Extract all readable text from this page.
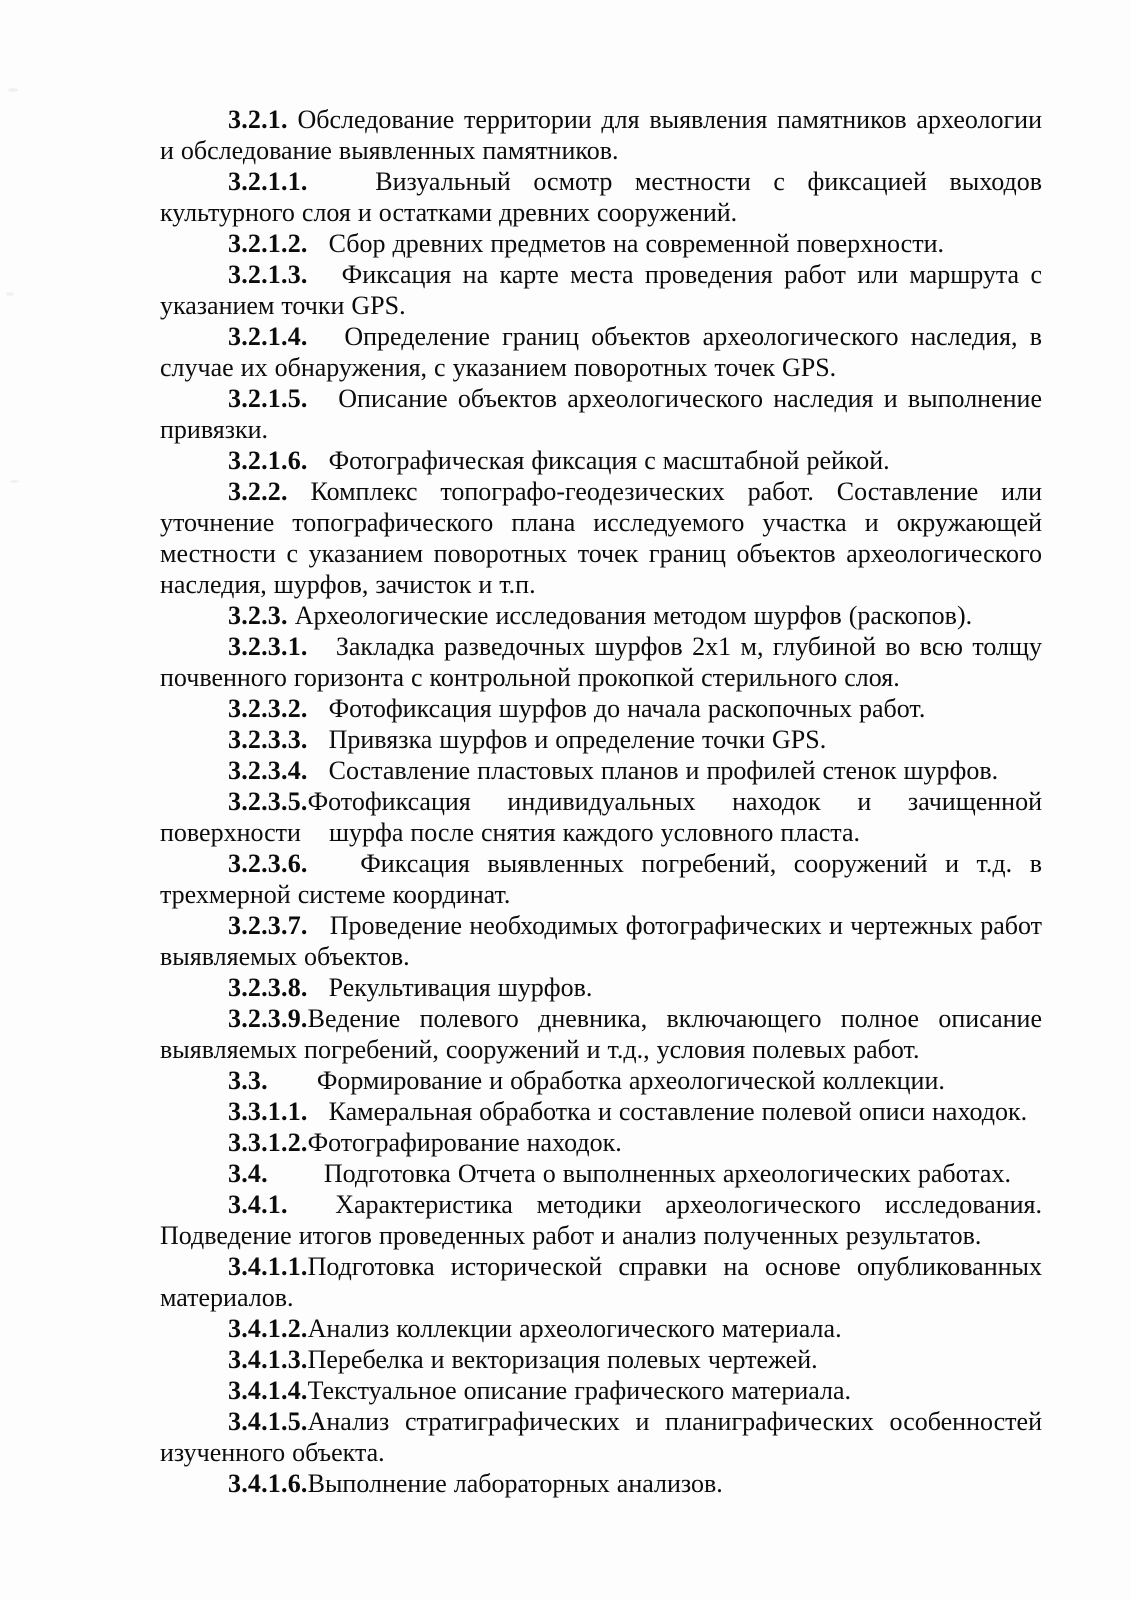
3.2.1. Обследование территории для выявления памятников археологии и обследование выявленных памятников.

3.2.1.1.   Визуальный осмотр местности с фиксацией выходов культурного слоя и остатками древних сооружений.

3.2.1.2.   Сбор древних предметов на современной поверхности.

3.2.1.3.   Фиксация на карте места проведения работ или маршрута с указанием точки GPS.

3.2.1.4.   Определение границ объектов археологического наследия, в случае их обнаружения, с указанием поворотных точек GPS.

3.2.1.5.   Описание объектов археологического наследия и выполнение привязки.

3.2.1.6.   Фотографическая фиксация с масштабной рейкой.

3.2.2. Комплекс топографо-геодезических работ. Составление или уточнение топографического плана исследуемого участка и окружающей местности с указанием поворотных точек границ объектов археологического наследия, шурфов, зачисток и т.п.

3.2.3. Археологические исследования методом шурфов (раскопов).

3.2.3.1.   Закладка разведочных шурфов 2х1 м, глубиной во всю толщу почвенного горизонта с контрольной прокопкой стерильного слоя.

3.2.3.2.   Фотофиксация шурфов до начала раскопочных работ.

3.2.3.3.   Привязка шурфов и определение точки GPS.

3.2.3.4.   Составление пластовых планов и профилей стенок шурфов.

3.2.3.5.Фотофиксация индивидуальных находок и зачищенной поверхности    шурфа после снятия каждого условного пласта.

3.2.3.6.   Фиксация выявленных погребений, сооружений и т.д. в трехмерной системе координат.

3.2.3.7.   Проведение необходимых фотографических и чертежных работ выявляемых объектов.

3.2.3.8.   Рекультивация шурфов.

3.2.3.9.Ведение полевого дневника, включающего полное описание выявляемых погребений, сооружений и т.д., условия полевых работ.

3.3.       Формирование и обработка археологической коллекции.

3.3.1.1.   Камеральная обработка и составление полевой описи находок.

3.3.1.2.Фотографирование находок.

3.4.        Подготовка Отчета о выполненных археологических работах.

3.4.1.  Характеристика методики археологического исследования. Подведение итогов проведенных работ и анализ полученных результатов.

3.4.1.1.Подготовка исторической справки на основе опубликованных материалов.

3.4.1.2.Анализ коллекции археологического материала.

3.4.1.3.Перебелка и векторизация полевых чертежей.

3.4.1.4.Текстуальное описание графического материала.

3.4.1.5.Анализ стратиграфических и планиграфических особенностей изученного объекта.

3.4.1.6.Выполнение лабораторных анализов.
